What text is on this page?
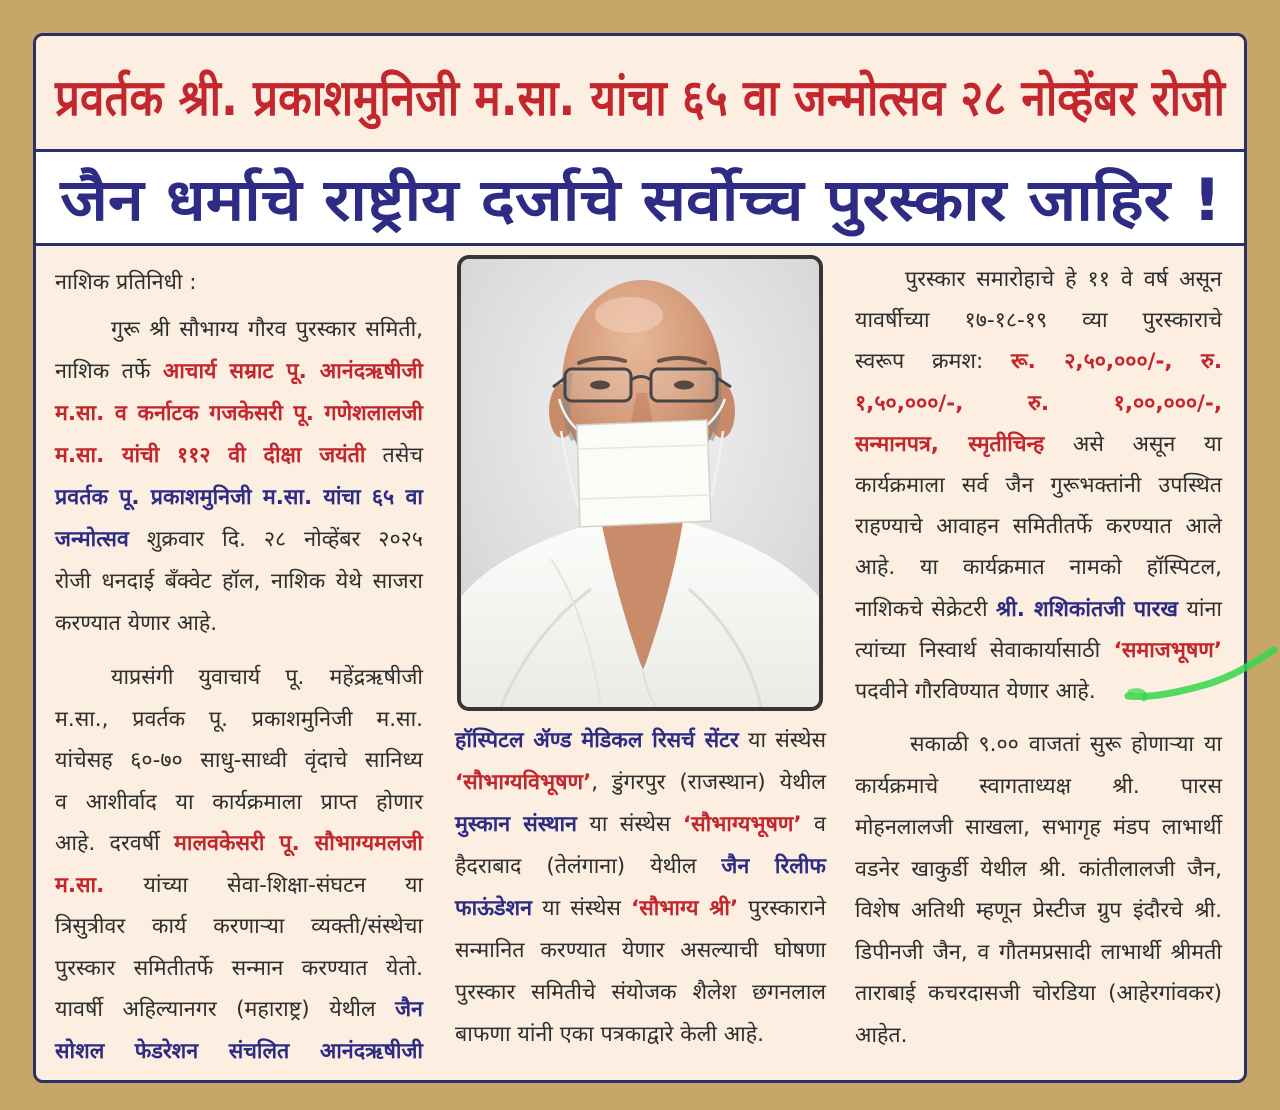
प्रवर्तक श्री. प्रकाशमुनिजी म.सा. यांचा ६५ वा जन्मोत्सव २८ नोव्हेंबर रोजी
जैन धर्माचे राष्ट्रीय दर्जाचे सर्वोच्च पुरस्कार जाहिर !
नाशिक प्रतिनिधी :
गुरू श्री सौभाग्य गौरव पुरस्कार समिती,
नाशिक तर्फे आचार्य सम्राट पू. आनंदऋषीजी
म.सा. व कर्नाटक गजकेसरी पू. गणेशलालजी
म.सा. यांची ११२ वी दीक्षा जयंती तसेच
प्रवर्तक पू. प्रकाशमुनिजी म.सा. यांचा ६५ वा
जन्मोत्सव शुक्रवार दि. २८ नोव्हेंबर २०२५
रोजी धनदाई बँक्वेट हॉल, नाशिक येथे साजरा
करण्यात येणार आहे.
याप्रसंगी युवाचार्य पू. महेंद्रऋषीजी
म.सा., प्रवर्तक पू. प्रकाशमुनिजी म.सा.
यांचेसह ६०-७० साधु-साध्वी वृंदाचे सानिध्य
व आशीर्वाद या कार्यक्रमाला प्राप्त होणार
आहे. दरवर्षी मालवकेसरी पू. सौभाग्यमलजी
म.सा. यांच्या सेवा-शिक्षा-संघटन या
त्रिसुत्रीवर कार्य करणाऱ्या व्यक्ती/संस्थेचा
पुरस्कार समितीतर्फे सन्मान करण्यात येतो.
यावर्षी अहिल्यानगर (महाराष्ट्र) येथील जैन
सोशल फेडरेशन संचलित आनंदऋषीजी
हॉस्पिटल ॲण्ड मेडिकल रिसर्च सेंटर या संस्थेस
‘सौभाग्यविभूषण’, डुंगरपुर (राजस्थान) येथील
मुस्कान संस्थान या संस्थेस ‘सौभाग्यभूषण’ व
हैदराबाद (तेलंगाना) येथील जैन रिलीफ
फाऊंडेशन या संस्थेस ‘सौभाग्य श्री’ पुरस्काराने
सन्मानित करण्यात येणार असल्याची घोषणा
पुरस्कार समितीचे संयोजक शैलेश छगनलाल
बाफणा यांनी एका पत्रकाद्वारे केली आहे.
पुरस्कार समारोहाचे हे ११ वे वर्ष असून
यावर्षीच्या १७-१८-१९ व्या पुरस्काराचे
स्वरूप क्रमश: रू. २,५०,०००/-, रु.
१,५०,०००/-, रु. १,००,०००/-,
सन्मानपत्र, स्मृतीचिन्ह असे असून या
कार्यक्रमाला सर्व जैन गुरूभक्तांनी उपस्थित
राहण्याचे आवाहन समितीतर्फे करण्यात आले
आहे. या कार्यक्रमात नामको हॉस्पिटल,
नाशिकचे सेक्रेटरी श्री. शशिकांतजी पारख यांना
त्यांच्या निस्वार्थ सेवाकार्यासाठी ‘समाजभूषण’
पदवीने गौरविण्यात येणार आहे.
सकाळी ९.०० वाजतां सुरू होणाऱ्या या
कार्यक्रमाचे स्वागताध्यक्ष श्री. पारस
मोहनलालजी साखला, सभागृह मंडप लाभार्थी
वडनेर खाकुर्डी येथील श्री. कांतीलालजी जैन,
विशेष अतिथी म्हणून प्रेस्टीज ग्रुप इंदौरचे श्री.
डिपीनजी जैन, व गौतमप्रसादी लाभार्थी श्रीमती
ताराबाई कचरदासजी चोरडिया (आहेरगांवकर)
आहेत.
